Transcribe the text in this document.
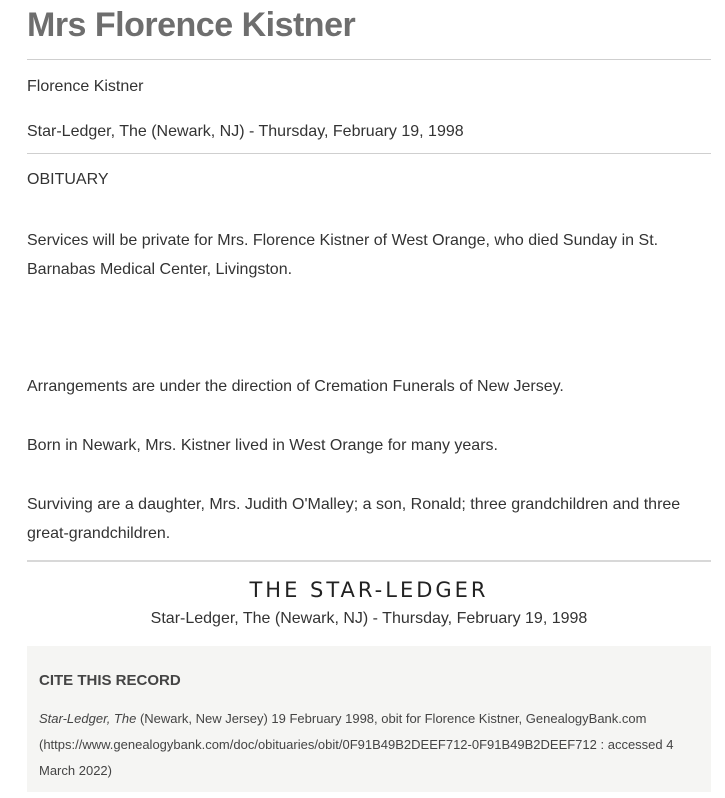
Mrs Florence Kistner
Florence Kistner
Star-Ledger, The (Newark, NJ) - Thursday, February 19, 1998
OBITUARY
Services will be private for Mrs. Florence Kistner of West Orange, who died Sunday in St. Barnabas Medical Center, Livingston.
Arrangements are under the direction of Cremation Funerals of New Jersey.
Born in Newark, Mrs. Kistner lived in West Orange for many years.
Surviving are a daughter, Mrs. Judith O'Malley; a son, Ronald; three grandchildren and three great-grandchildren.
THE STAR-LEDGER
Star-Ledger, The (Newark, NJ) - Thursday, February 19, 1998
CITE THIS RECORD
Star-Ledger, The (Newark, New Jersey) 19 February 1998, obit for Florence Kistner, GenealogyBank.com (https://www.genealogybank.com/doc/obituaries/obit/0F91B49B2DEEF712-0F91B49B2DEEF712 : accessed 4 March 2022)
